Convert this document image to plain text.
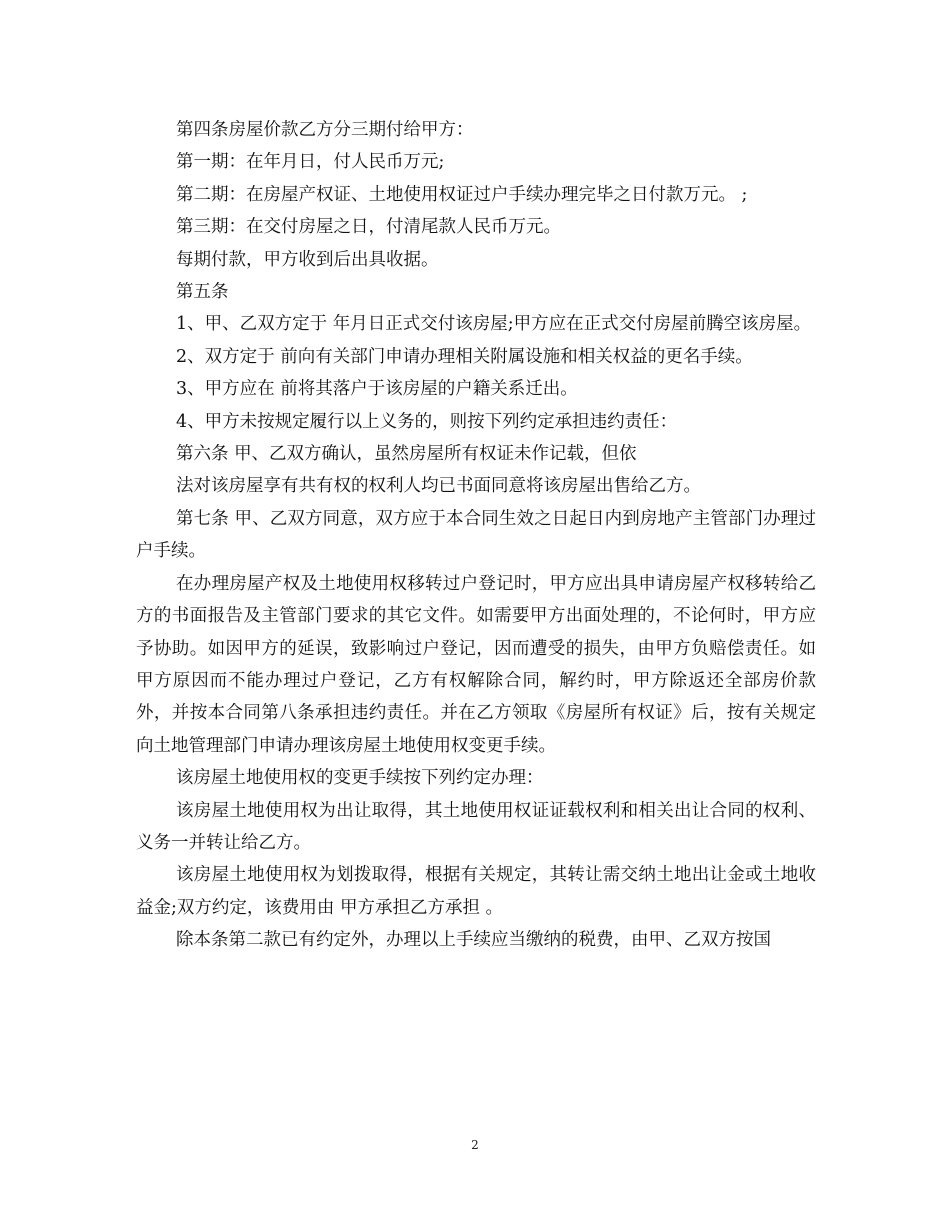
第四条房屋价款乙方分三期付给甲方：

第一期：在年月日，付人民币万元;

第二期：在房屋产权证、土地使用权证过户手续办理完毕之日付款万元。 ;

第三期：在交付房屋之日，付清尾款人民币万元。

每期付款，甲方收到后出具收据。

第五条

1、甲、乙双方定于 年月日正式交付该房屋;甲方应在正式交付房屋前腾空该房屋。

2、双方定于 前向有关部门申请办理相关附属设施和相关权益的更名手续。

3、甲方应在 前将其落户于该房屋的户籍关系迁出。

4、甲方未按规定履行以上义务的，则按下列约定承担违约责任：

第六条 甲、乙双方确认，虽然房屋所有权证未作记载，但依

法对该房屋享有共有权的权利人均已书面同意将该房屋出售给乙方。

第七条 甲、乙双方同意，双方应于本合同生效之日起日内到房地产主管部门办理过户手续。

在办理房屋产权及土地使用权移转过户登记时，甲方应出具申请房屋产权移转给乙方的书面报告及主管部门要求的其它文件。如需要甲方出面处理的，不论何时，甲方应予协助。如因甲方的延误，致影响过户登记，因而遭受的损失，由甲方负赔偿责任。如甲方原因而不能办理过户登记，乙方有权解除合同，解约时，甲方除返还全部房价款外，并按本合同第八条承担违约责任。并在乙方领取《房屋所有权证》后，按有关规定向土地管理部门申请办理该房屋土地使用权变更手续。

该房屋土地使用权的变更手续按下列约定办理：

该房屋土地使用权为出让取得，其土地使用权证证载权利和相关出让合同的权利、义务一并转让给乙方。

该房屋土地使用权为划拨取得，根据有关规定，其转让需交纳土地出让金或土地收益金;双方约定，该费用由 甲方承担乙方承担 。

除本条第二款已有约定外，办理以上手续应当缴纳的税费，由甲、乙双方按国

2
